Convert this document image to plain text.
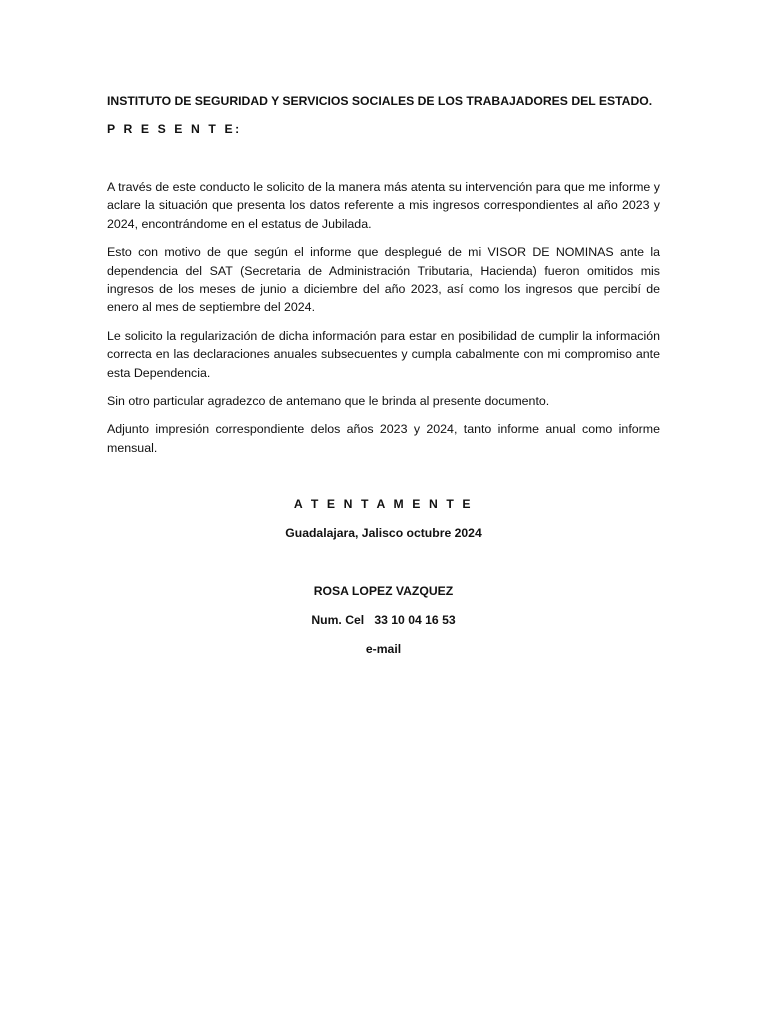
INSTITUTO DE SEGURIDAD Y SERVICIOS SOCIALES DE LOS TRABAJADORES DEL ESTADO.

P R E S E N T E:

A través de este conducto le solicito de la manera más atenta su intervención para que me informe y aclare la situación que presenta los datos referente a mis ingresos correspondientes al año 2023 y 2024, encontrándome en el estatus de Jubilada.

Esto con motivo de que según el informe que desplegué de mi VISOR DE NOMINAS ante la dependencia del SAT (Secretaria de Administración Tributaria, Hacienda) fueron omitidos mis ingresos de los meses de junio a diciembre del año 2023, así como los ingresos que percibí de enero al mes de septiembre del 2024.

Le solicito la regularización de dicha información para estar en posibilidad de cumplir la información correcta en las declaraciones anuales subsecuentes y cumpla cabalmente con mi compromiso ante esta Dependencia.

Sin otro particular agradezco de antemano que le brinda al presente documento.

Adjunto impresión correspondiente delos años 2023 y 2024, tanto informe anual como informe mensual.

A T E N T A M E N T E

Guadalajara, Jalisco octubre 2024

ROSA LOPEZ VAZQUEZ

Num. Cel   33 10 04 16 53

e-mail
